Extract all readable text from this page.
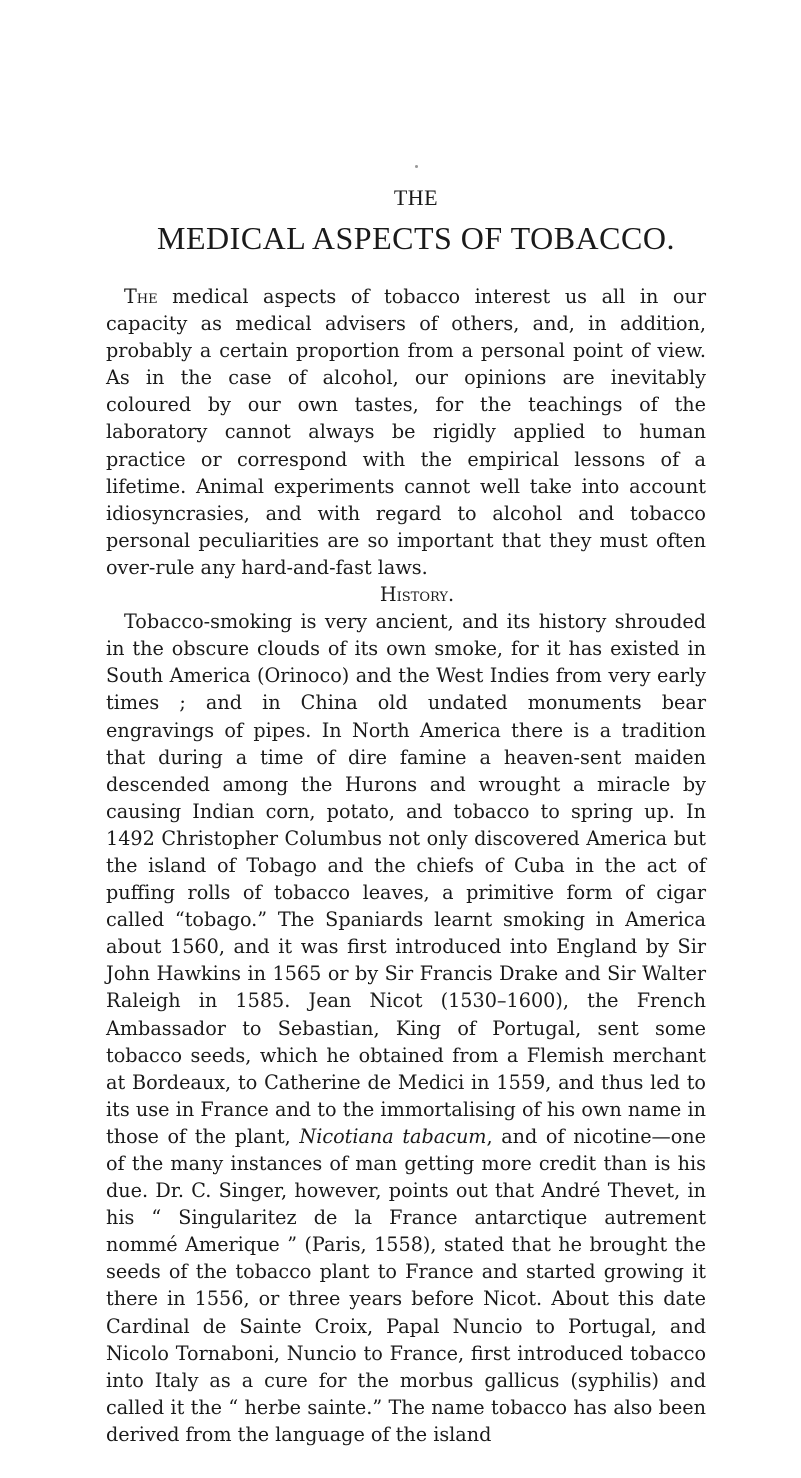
THE
MEDICAL ASPECTS OF TOBACCO.

The medical aspects of tobacco interest us all in our capacity as medical advisers of others, and, in addition, probably a certain proportion from a personal point of view. As in the case of alcohol, our opinions are inevitably coloured by our own tastes, for the teachings of the laboratory cannot always be rigidly applied to human practice or correspond with the empirical lessons of a lifetime. Animal experiments cannot well take into account idiosyncrasies, and with regard to alcohol and tobacco personal peculiarities are so important that they must often over-rule any hard-and-fast laws.

History.

Tobacco-smoking is very ancient, and its history shrouded in the obscure clouds of its own smoke, for it has existed in South America (Orinoco) and the West Indies from very early times ; and in China old undated monuments bear engravings of pipes. In North America there is a tradition that during a time of dire famine a heaven-sent maiden descended among the Hurons and wrought a miracle by causing Indian corn, potato, and tobacco to spring up. In 1492 Christopher Columbus not only discovered America but the island of Tobago and the chiefs of Cuba in the act of puffing rolls of tobacco leaves, a primitive form of cigar called “tobago.” The Spaniards learnt smoking in America about 1560, and it was first introduced into England by Sir John Hawkins in 1565 or by Sir Francis Drake and Sir Walter Raleigh in 1585. Jean Nicot (1530–1600), the French Ambassador to Sebastian, King of Portugal, sent some tobacco seeds, which he obtained from a Flemish merchant at Bordeaux, to Catherine de Medici in 1559, and thus led to its use in France and to the immortalising of his own name in those of the plant, Nicotiana tabacum, and of nicotine—one of the many instances of man getting more credit than is his due. Dr. C. Singer, however, points out that André Thevet, in his “ Singularitez de la France antarctique autrement nommé Amerique ” (Paris, 1558), stated that he brought the seeds of the tobacco plant to France and started growing it there in 1556, or three years before Nicot. About this date Cardinal de Sainte Croix, Papal Nuncio to Portugal, and Nicolo Tornaboni, Nuncio to France, first introduced tobacco into Italy as a cure for the morbus gallicus (syphilis) and called it the “ herbe sainte.” The name tobacco has also been derived from the language of the island
